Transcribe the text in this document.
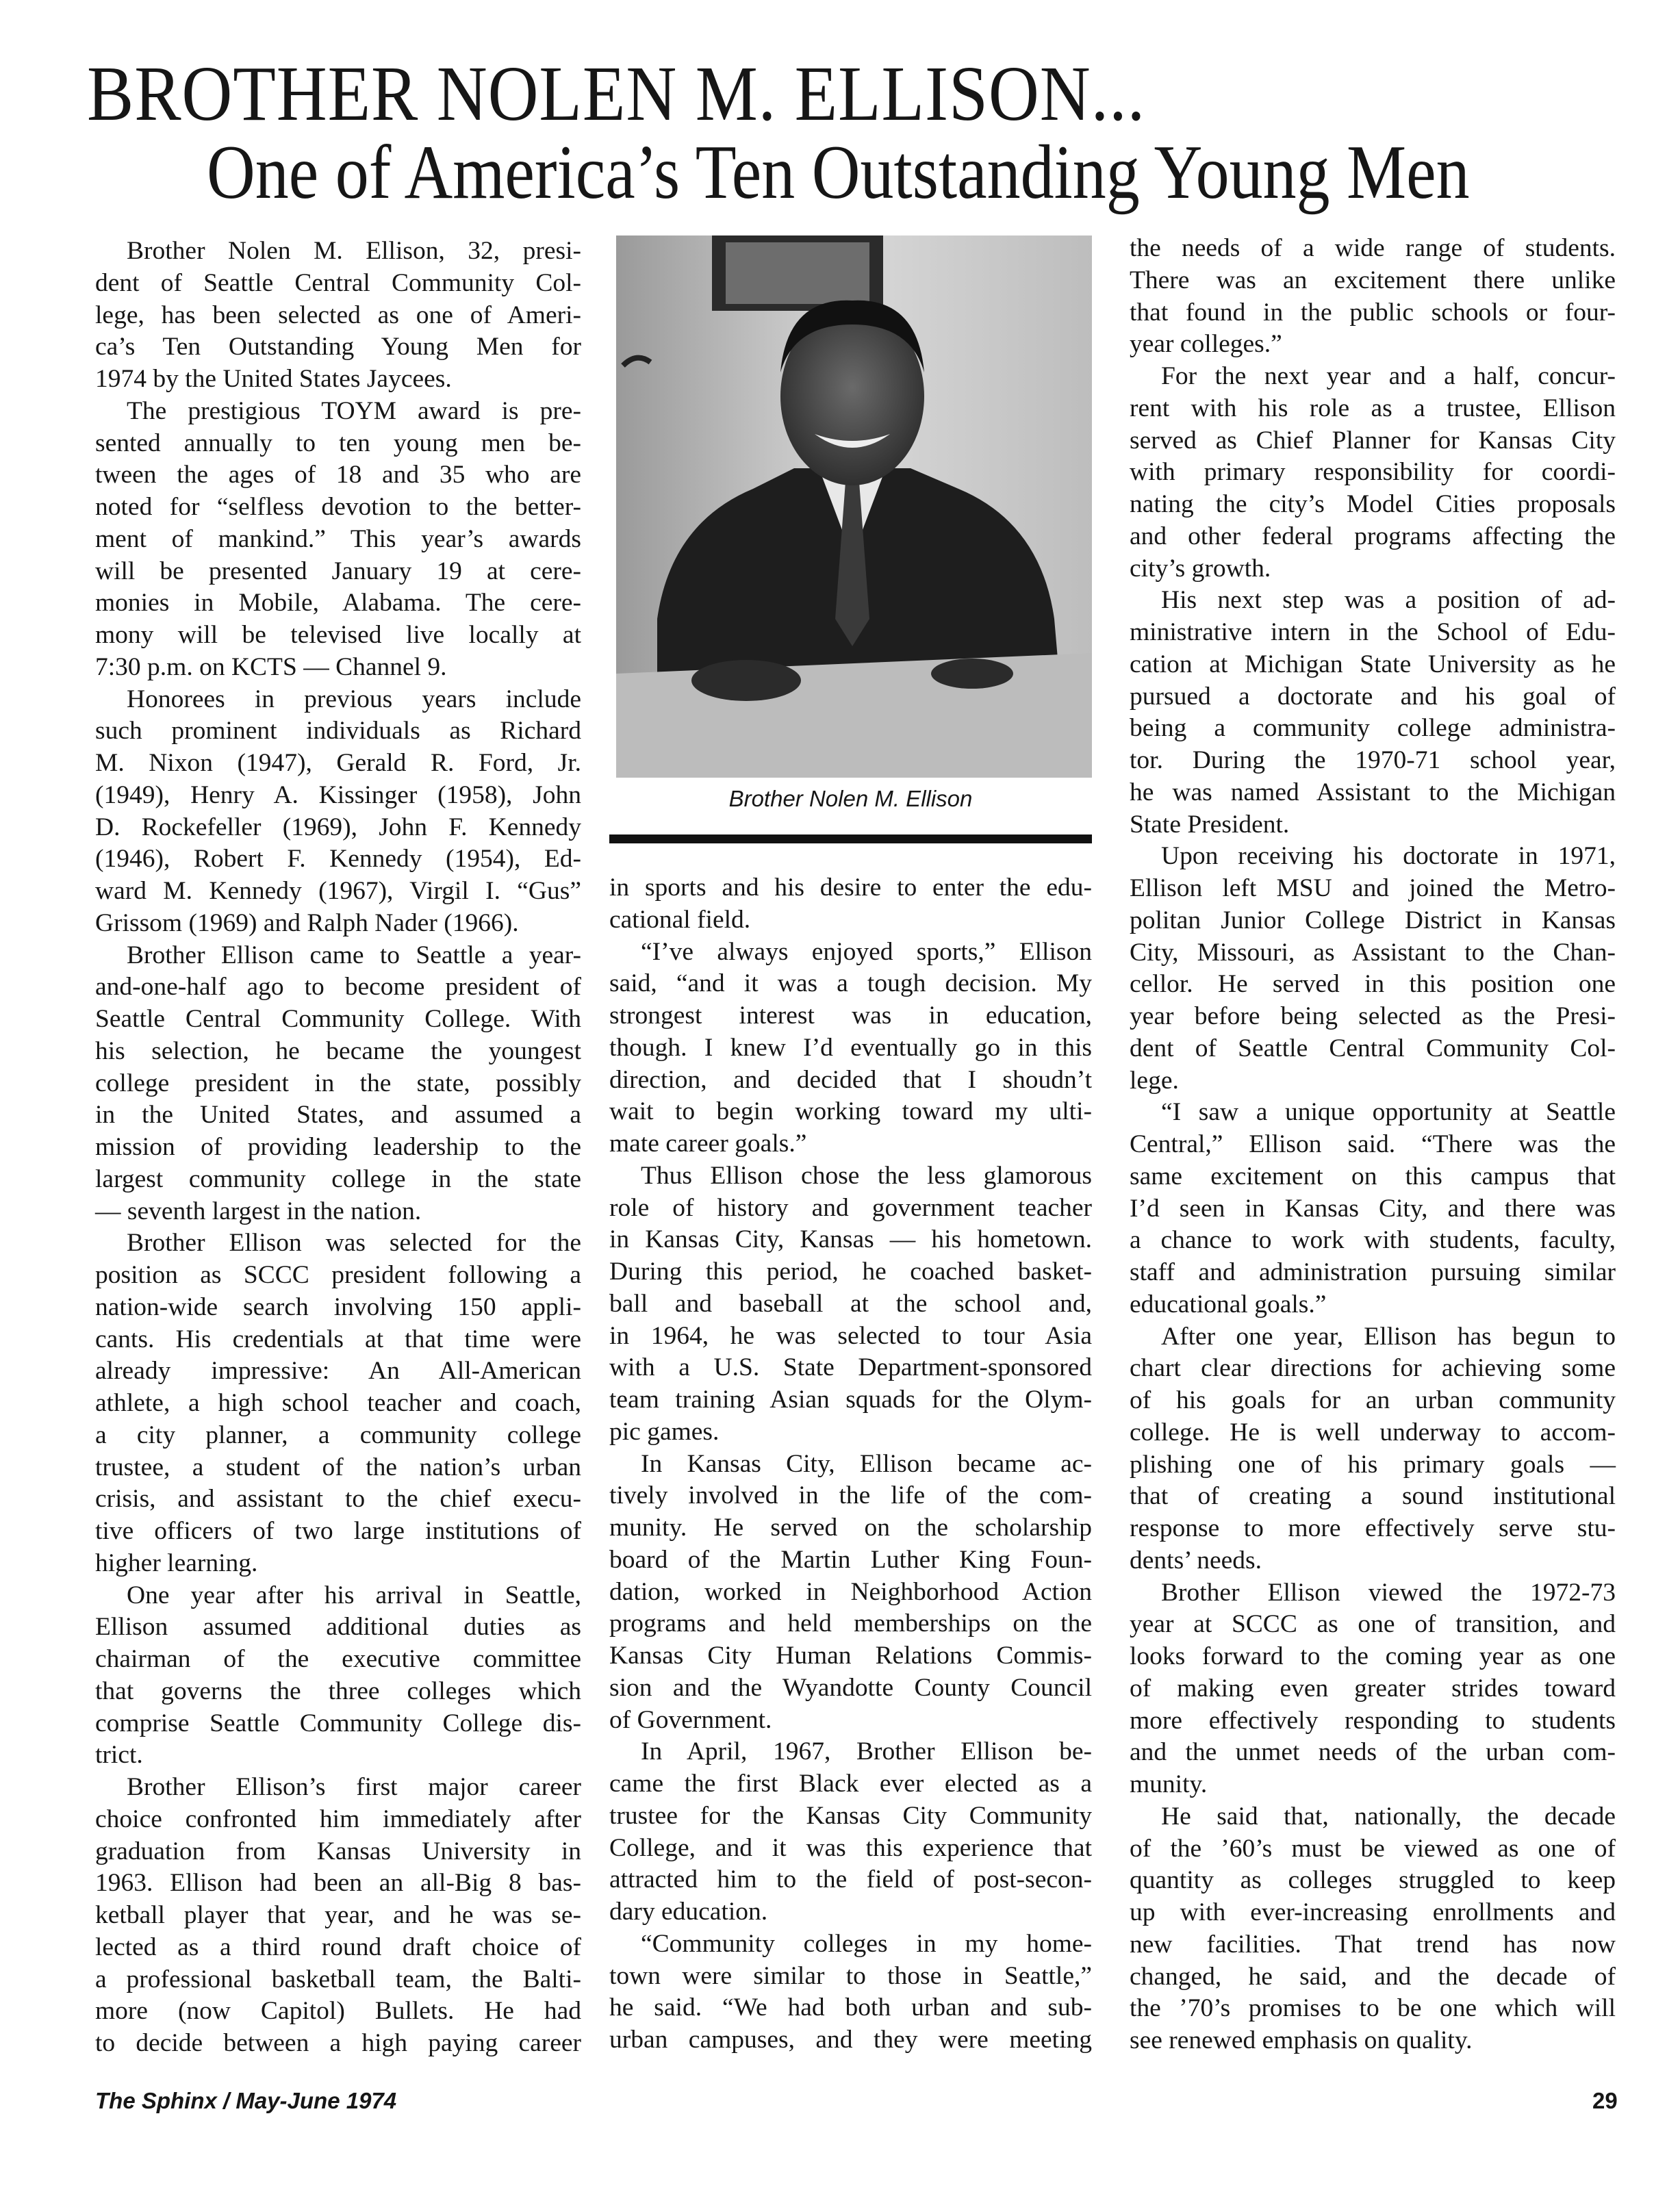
BROTHER NOLEN M. ELLISON...
One of America’s Ten Outstanding Young Men
Brother Nolen M. Ellison, 32, presi-
dent of Seattle Central Community Col-
lege, has been selected as one of Ameri-
ca’s Ten Outstanding Young Men for
1974 by the United States Jaycees.
The prestigious TOYM award is pre-
sented annually to ten young men be-
tween the ages of 18 and 35 who are
noted for “selfless devotion to the better-
ment of mankind.” This year’s awards
will be presented January 19 at cere-
monies in Mobile, Alabama. The cere-
mony will be televised live locally at
7:30 p.m. on KCTS — Channel 9.
Honorees in previous years include
such prominent individuals as Richard
M. Nixon (1947), Gerald R. Ford, Jr.
(1949), Henry A. Kissinger (1958), John
D. Rockefeller (1969), John F. Kennedy
(1946), Robert F. Kennedy (1954), Ed-
ward M. Kennedy (1967), Virgil I. “Gus”
Grissom (1969) and Ralph Nader (1966).
Brother Ellison came to Seattle a year-
and-one-half ago to become president of
Seattle Central Community College. With
his selection, he became the youngest
college president in the state, possibly
in the United States, and assumed a
mission of providing leadership to the
largest community college in the state
— seventh largest in the nation.
Brother Ellison was selected for the
position as SCCC president following a
nation-wide search involving 150 appli-
cants. His credentials at that time were
already impressive: An All-American
athlete, a high school teacher and coach,
a city planner, a community college
trustee, a student of the nation’s urban
crisis, and assistant to the chief execu-
tive officers of two large institutions of
higher learning.
One year after his arrival in Seattle,
Ellison assumed additional duties as
chairman of the executive committee
that governs the three colleges which
comprise Seattle Community College dis-
trict.
Brother Ellison’s first major career
choice confronted him immediately after
graduation from Kansas University in
1963. Ellison had been an all-Big 8 bas-
ketball player that year, and he was se-
lected as a third round draft choice of
a professional basketball team, the Balti-
more (now Capitol) Bullets. He had
to decide between a high paying career
Brother Nolen M. Ellison
in sports and his desire to enter the edu-
cational field.
“I’ve always enjoyed sports,” Ellison
said, “and it was a tough decision. My
strongest interest was in education,
though. I knew I’d eventually go in this
direction, and decided that I shoudn’t
wait to begin working toward my ulti-
mate career goals.”
Thus Ellison chose the less glamorous
role of history and government teacher
in Kansas City, Kansas — his hometown.
During this period, he coached basket-
ball and baseball at the school and,
in 1964, he was selected to tour Asia
with a U.S. State Department-sponsored
team training Asian squads for the Olym-
pic games.
In Kansas City, Ellison became ac-
tively involved in the life of the com-
munity. He served on the scholarship
board of the Martin Luther King Foun-
dation, worked in Neighborhood Action
programs and held memberships on the
Kansas City Human Relations Commis-
sion and the Wyandotte County Council
of Government.
In April, 1967, Brother Ellison be-
came the first Black ever elected as a
trustee for the Kansas City Community
College, and it was this experience that
attracted him to the field of post-secon-
dary education.
“Community colleges in my home-
town were similar to those in Seattle,”
he said. “We had both urban and sub-
urban campuses, and they were meeting
the needs of a wide range of students.
There was an excitement there unlike
that found in the public schools or four-
year colleges.”
For the next year and a half, concur-
rent with his role as a trustee, Ellison
served as Chief Planner for Kansas City
with primary responsibility for coordi-
nating the city’s Model Cities proposals
and other federal programs affecting the
city’s growth.
His next step was a position of ad-
ministrative intern in the School of Edu-
cation at Michigan State University as he
pursued a doctorate and his goal of
being a community college administra-
tor. During the 1970-71 school year,
he was named Assistant to the Michigan
State President.
Upon receiving his doctorate in 1971,
Ellison left MSU and joined the Metro-
politan Junior College District in Kansas
City, Missouri, as Assistant to the Chan-
cellor. He served in this position one
year before being selected as the Presi-
dent of Seattle Central Community Col-
lege.
“I saw a unique opportunity at Seattle
Central,” Ellison said. “There was the
same excitement on this campus that
I’d seen in Kansas City, and there was
a chance to work with students, faculty,
staff and administration pursuing similar
educational goals.”
After one year, Ellison has begun to
chart clear directions for achieving some
of his goals for an urban community
college. He is well underway to accom-
plishing one of his primary goals —
that of creating a sound institutional
response to more effectively serve stu-
dents’ needs.
Brother Ellison viewed the 1972-73
year at SCCC as one of transition, and
looks forward to the coming year as one
of making even greater strides toward
more effectively responding to students
and the unmet needs of the urban com-
munity.
He said that, nationally, the decade
of the ’60’s must be viewed as one of
quantity as colleges struggled to keep
up with ever-increasing enrollments and
new facilities. That trend has now
changed, he said, and the decade of
the ’70’s promises to be one which will
see renewed emphasis on quality.
The Sphinx / May-June 1974	29
